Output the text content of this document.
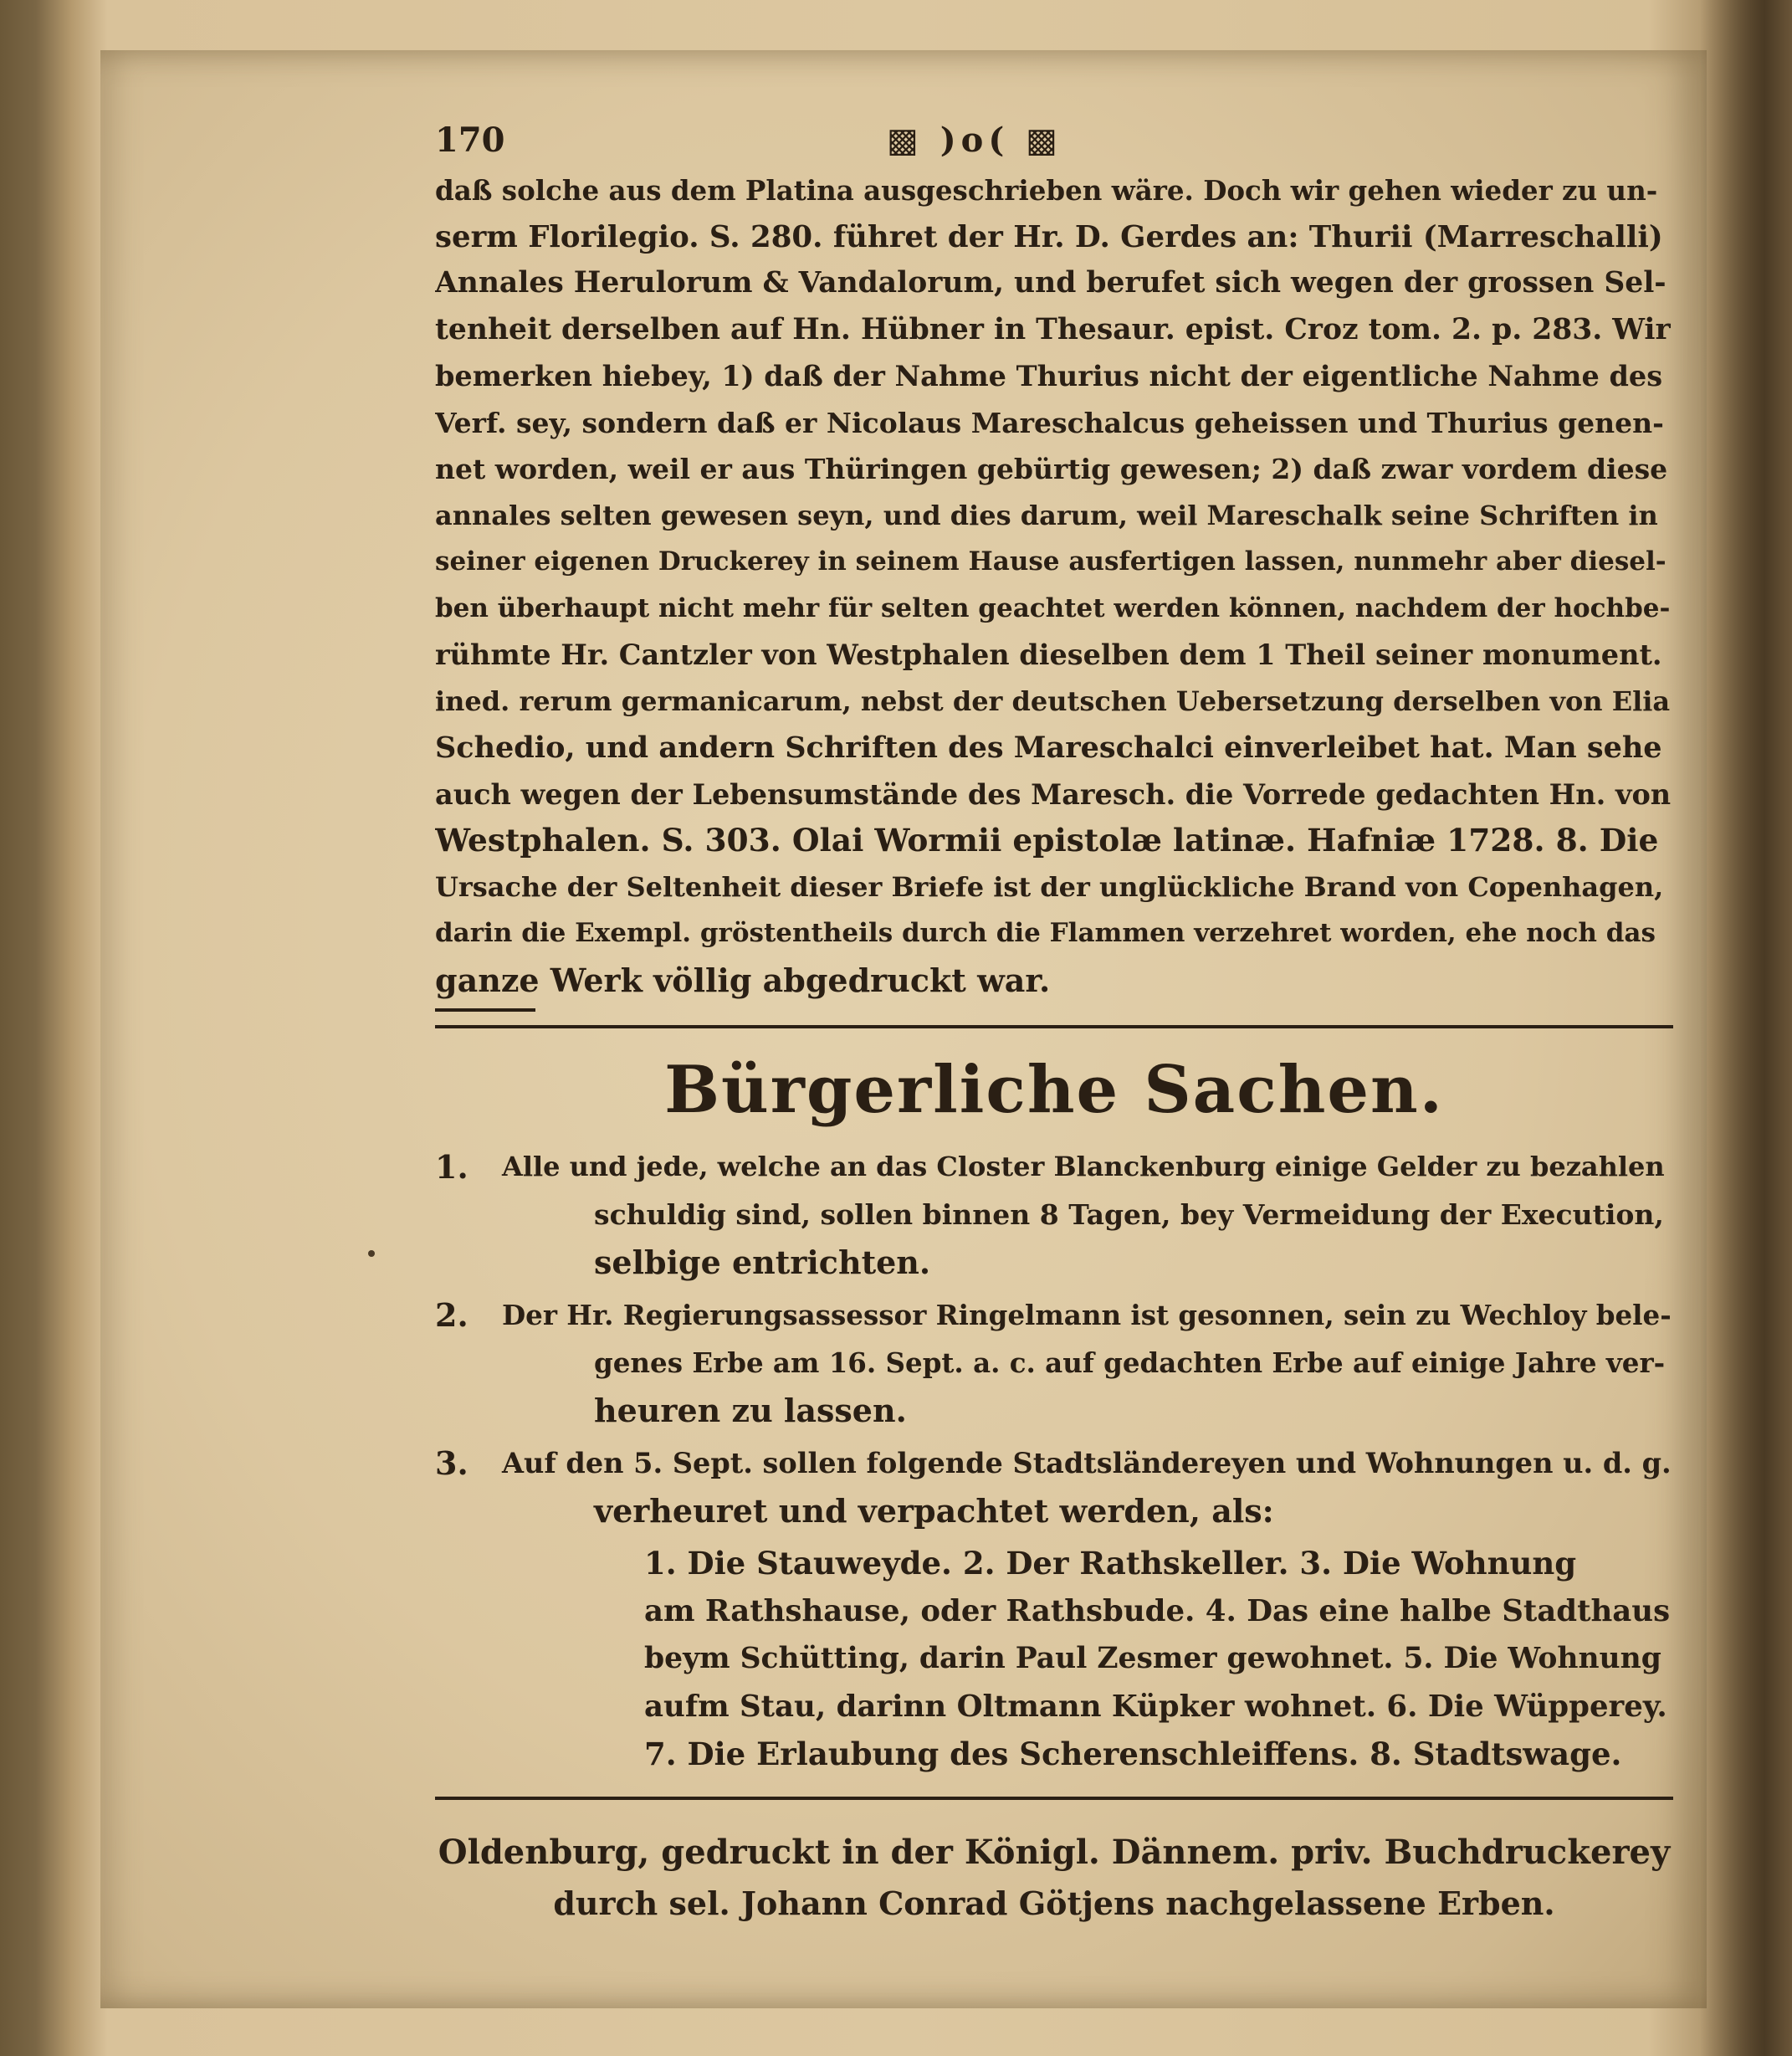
170	▩ )o( ▩
daß solche aus dem Platina ausgeschrieben wäre. Doch wir gehen wieder zu un-
serm Florilegio. S. 280. führet der Hr. D. Gerdes an: Thurii (Marreschalli)
Annales Herulorum & Vandalorum, und berufet sich wegen der grossen Sel-
tenheit derselben auf Hn. Hübner in Thesaur. epist. Croz tom. 2. p. 283. Wir
bemerken hiebey, 1) daß der Nahme Thurius nicht der eigentliche Nahme des
Verf. sey, sondern daß er Nicolaus Mareschalcus geheissen und Thurius genen-
net worden, weil er aus Thüringen gebürtig gewesen; 2) daß zwar vordem diese
annales selten gewesen seyn, und dies darum, weil Mareschalk seine Schriften in
seiner eigenen Druckerey in seinem Hause ausfertigen lassen, nunmehr aber diesel-
ben überhaupt nicht mehr für selten geachtet werden können, nachdem der hochbe-
rühmte Hr. Cantzler von Westphalen dieselben dem 1 Theil seiner monument.
ined. rerum germanicarum, nebst der deutschen Uebersetzung derselben von Elia
Schedio, und andern Schriften des Mareschalci einverleibet hat. Man sehe
auch wegen der Lebensumstände des Maresch. die Vorrede gedachten Hn. von
Westphalen. S. 303. Olai Wormii epistolæ latinæ. Hafniæ 1728. 8. Die
Ursache der Seltenheit dieser Briefe ist der unglückliche Brand von Copenhagen,
darin die Exempl. gröstentheils durch die Flammen verzehret worden, ehe noch das
ganze Werk völlig abgedruckt war.
Bürgerliche Sachen.
1.	Alle und jede, welche an das Closter Blanckenburg einige Gelder zu bezahlen
schuldig sind, sollen binnen 8 Tagen, bey Vermeidung der Execution,
selbige entrichten.
2.	Der Hr. Regierungsassessor Ringelmann ist gesonnen, sein zu Wechloy bele-
genes Erbe am 16. Sept. a. c. auf gedachten Erbe auf einige Jahre ver-
heuren zu lassen.
3.	Auf den 5. Sept. sollen folgende Stadtsländereyen und Wohnungen u. d. g.
verheuret und verpachtet werden, als:
1. Die Stauweyde. 2. Der Rathskeller. 3. Die Wohnung
am Rathshause, oder Rathsbude. 4. Das eine halbe Stadthaus
beym Schütting, darin Paul Zesmer gewohnet. 5. Die Wohnung
aufm Stau, darinn Oltmann Küpker wohnet. 6. Die Wüpperey.
7. Die Erlaubung des Scherenschleiffens. 8. Stadtswage.
Oldenburg, gedruckt in der Königl. Dännem. priv. Buchdruckerey
durch sel. Johann Conrad Götjens nachgelassene Erben.
